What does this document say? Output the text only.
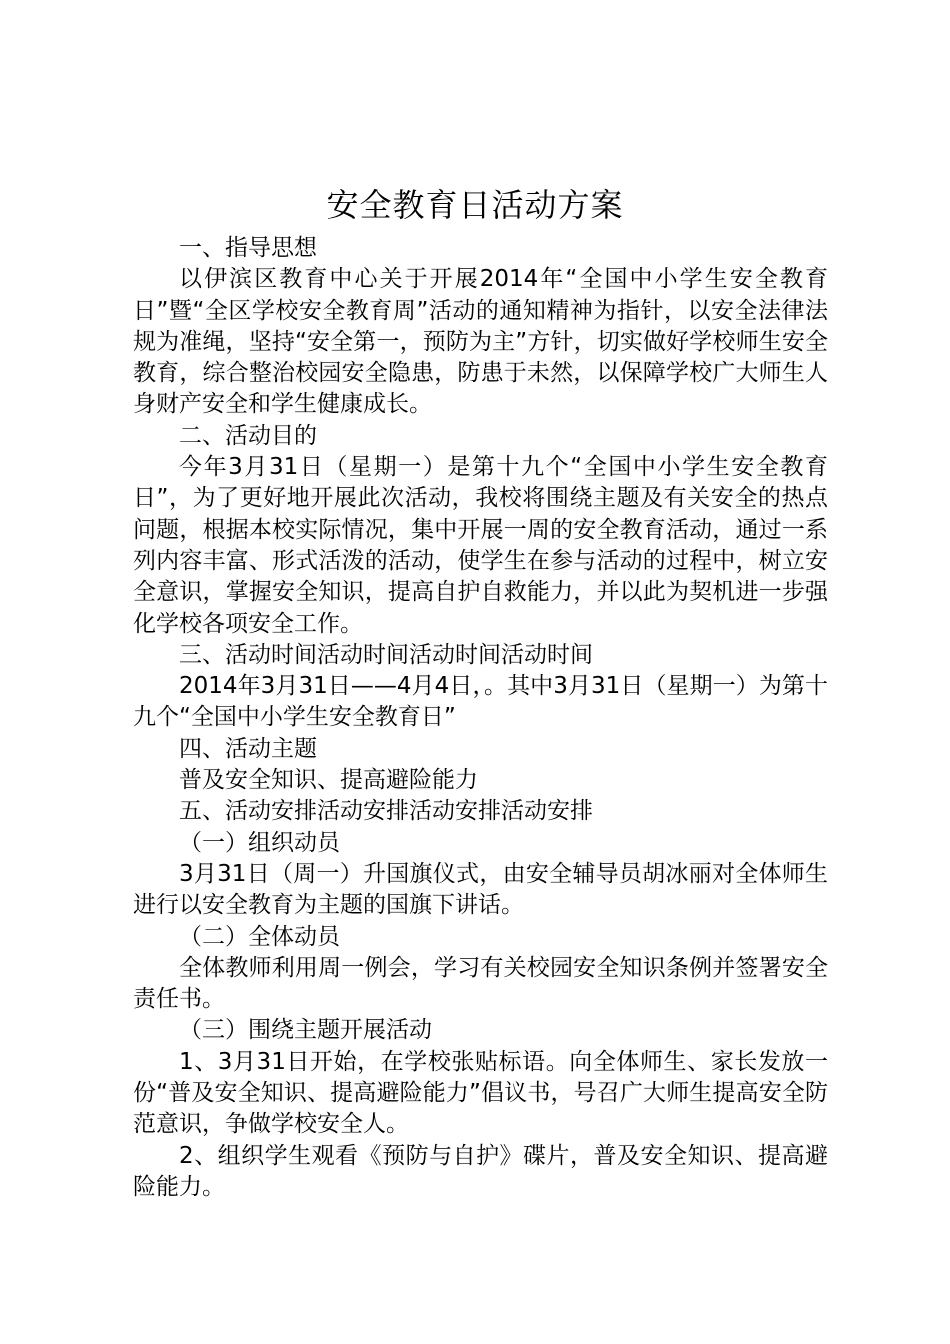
安全教育日活动方案

一、指导思想

以伊滨区教育中心关于开展2014年“全国中小学生安全教育日”暨“全区学校安全教育周”活动的通知精神为指针，以安全法律法规为准绳，坚持“安全第一，预防为主”方针，切实做好学校师生安全教育，综合整治校园安全隐患，防患于未然，以保障学校广大师生人身财产安全和学生健康成长。

二、活动目的

今年3月31日（星期一）是第十九个“全国中小学生安全教育日”，为了更好地开展此次活动，我校将围绕主题及有关安全的热点问题，根据本校实际情况，集中开展一周的安全教育活动，通过一系列内容丰富、形式活泼的活动，使学生在参与活动的过程中，树立安全意识，掌握安全知识，提高自护自救能力，并以此为契机进一步强化学校各项安全工作。

三、活动时间活动时间活动时间活动时间

2014年3月31日——4月4日，。其中3月31日（星期一）为第十九个“全国中小学生安全教育日”

四、活动主题

普及安全知识、提高避险能力

五、活动安排活动安排活动安排活动安排

（一）组织动员

3月31日（周一）升国旗仪式，由安全辅导员胡冰丽对全体师生进行以安全教育为主题的国旗下讲话。

（二）全体动员

全体教师利用周一例会，学习有关校园安全知识条例并签署安全责任书。

（三）围绕主题开展活动

1、3月31日开始，在学校张贴标语。向全体师生、家长发放一份“普及安全知识、提高避险能力”倡议书，号召广大师生提高安全防范意识，争做学校安全人。

2、组织学生观看《预防与自护》碟片，普及安全知识、提高避险能力。
